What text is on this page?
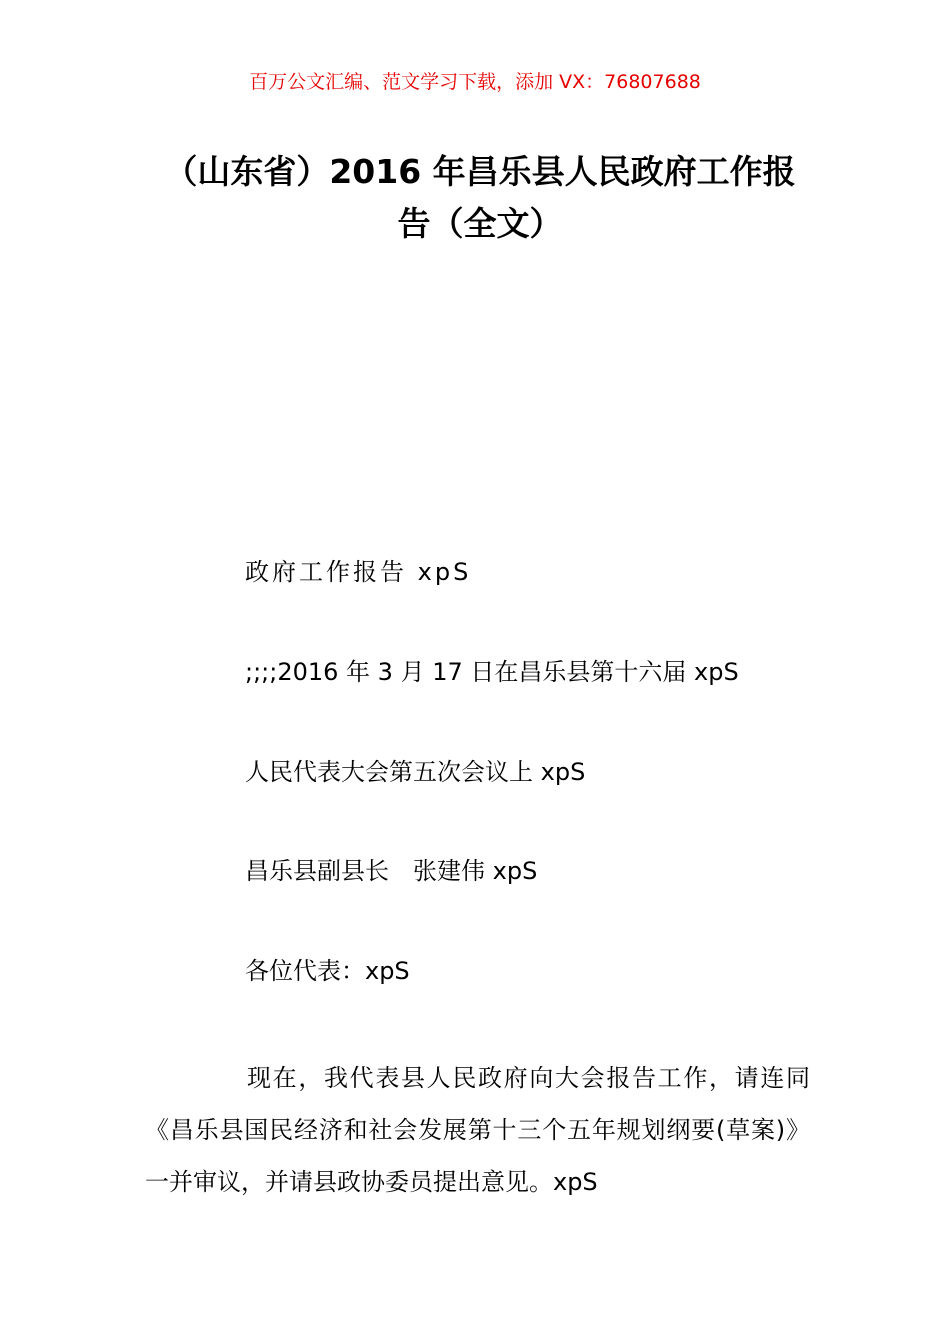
百万公文汇编、范文学习下载，添加 VX：76807688
（山东省）2016 年昌乐县人民政府工作报告（全文）
政府工作报告 xpS
;;;;2016 年 3 月 17 日在昌乐县第十六届 xpS
人民代表大会第五次会议上 xpS
昌乐县副县长　张建伟 xpS
各位代表：xpS

现在，我代表县人民政府向大会报告工作，请连同《昌乐县国民经济和社会发展第十三个五年规划纲要(草案)》一并审议，并请县政协委员提出意见。xpS
